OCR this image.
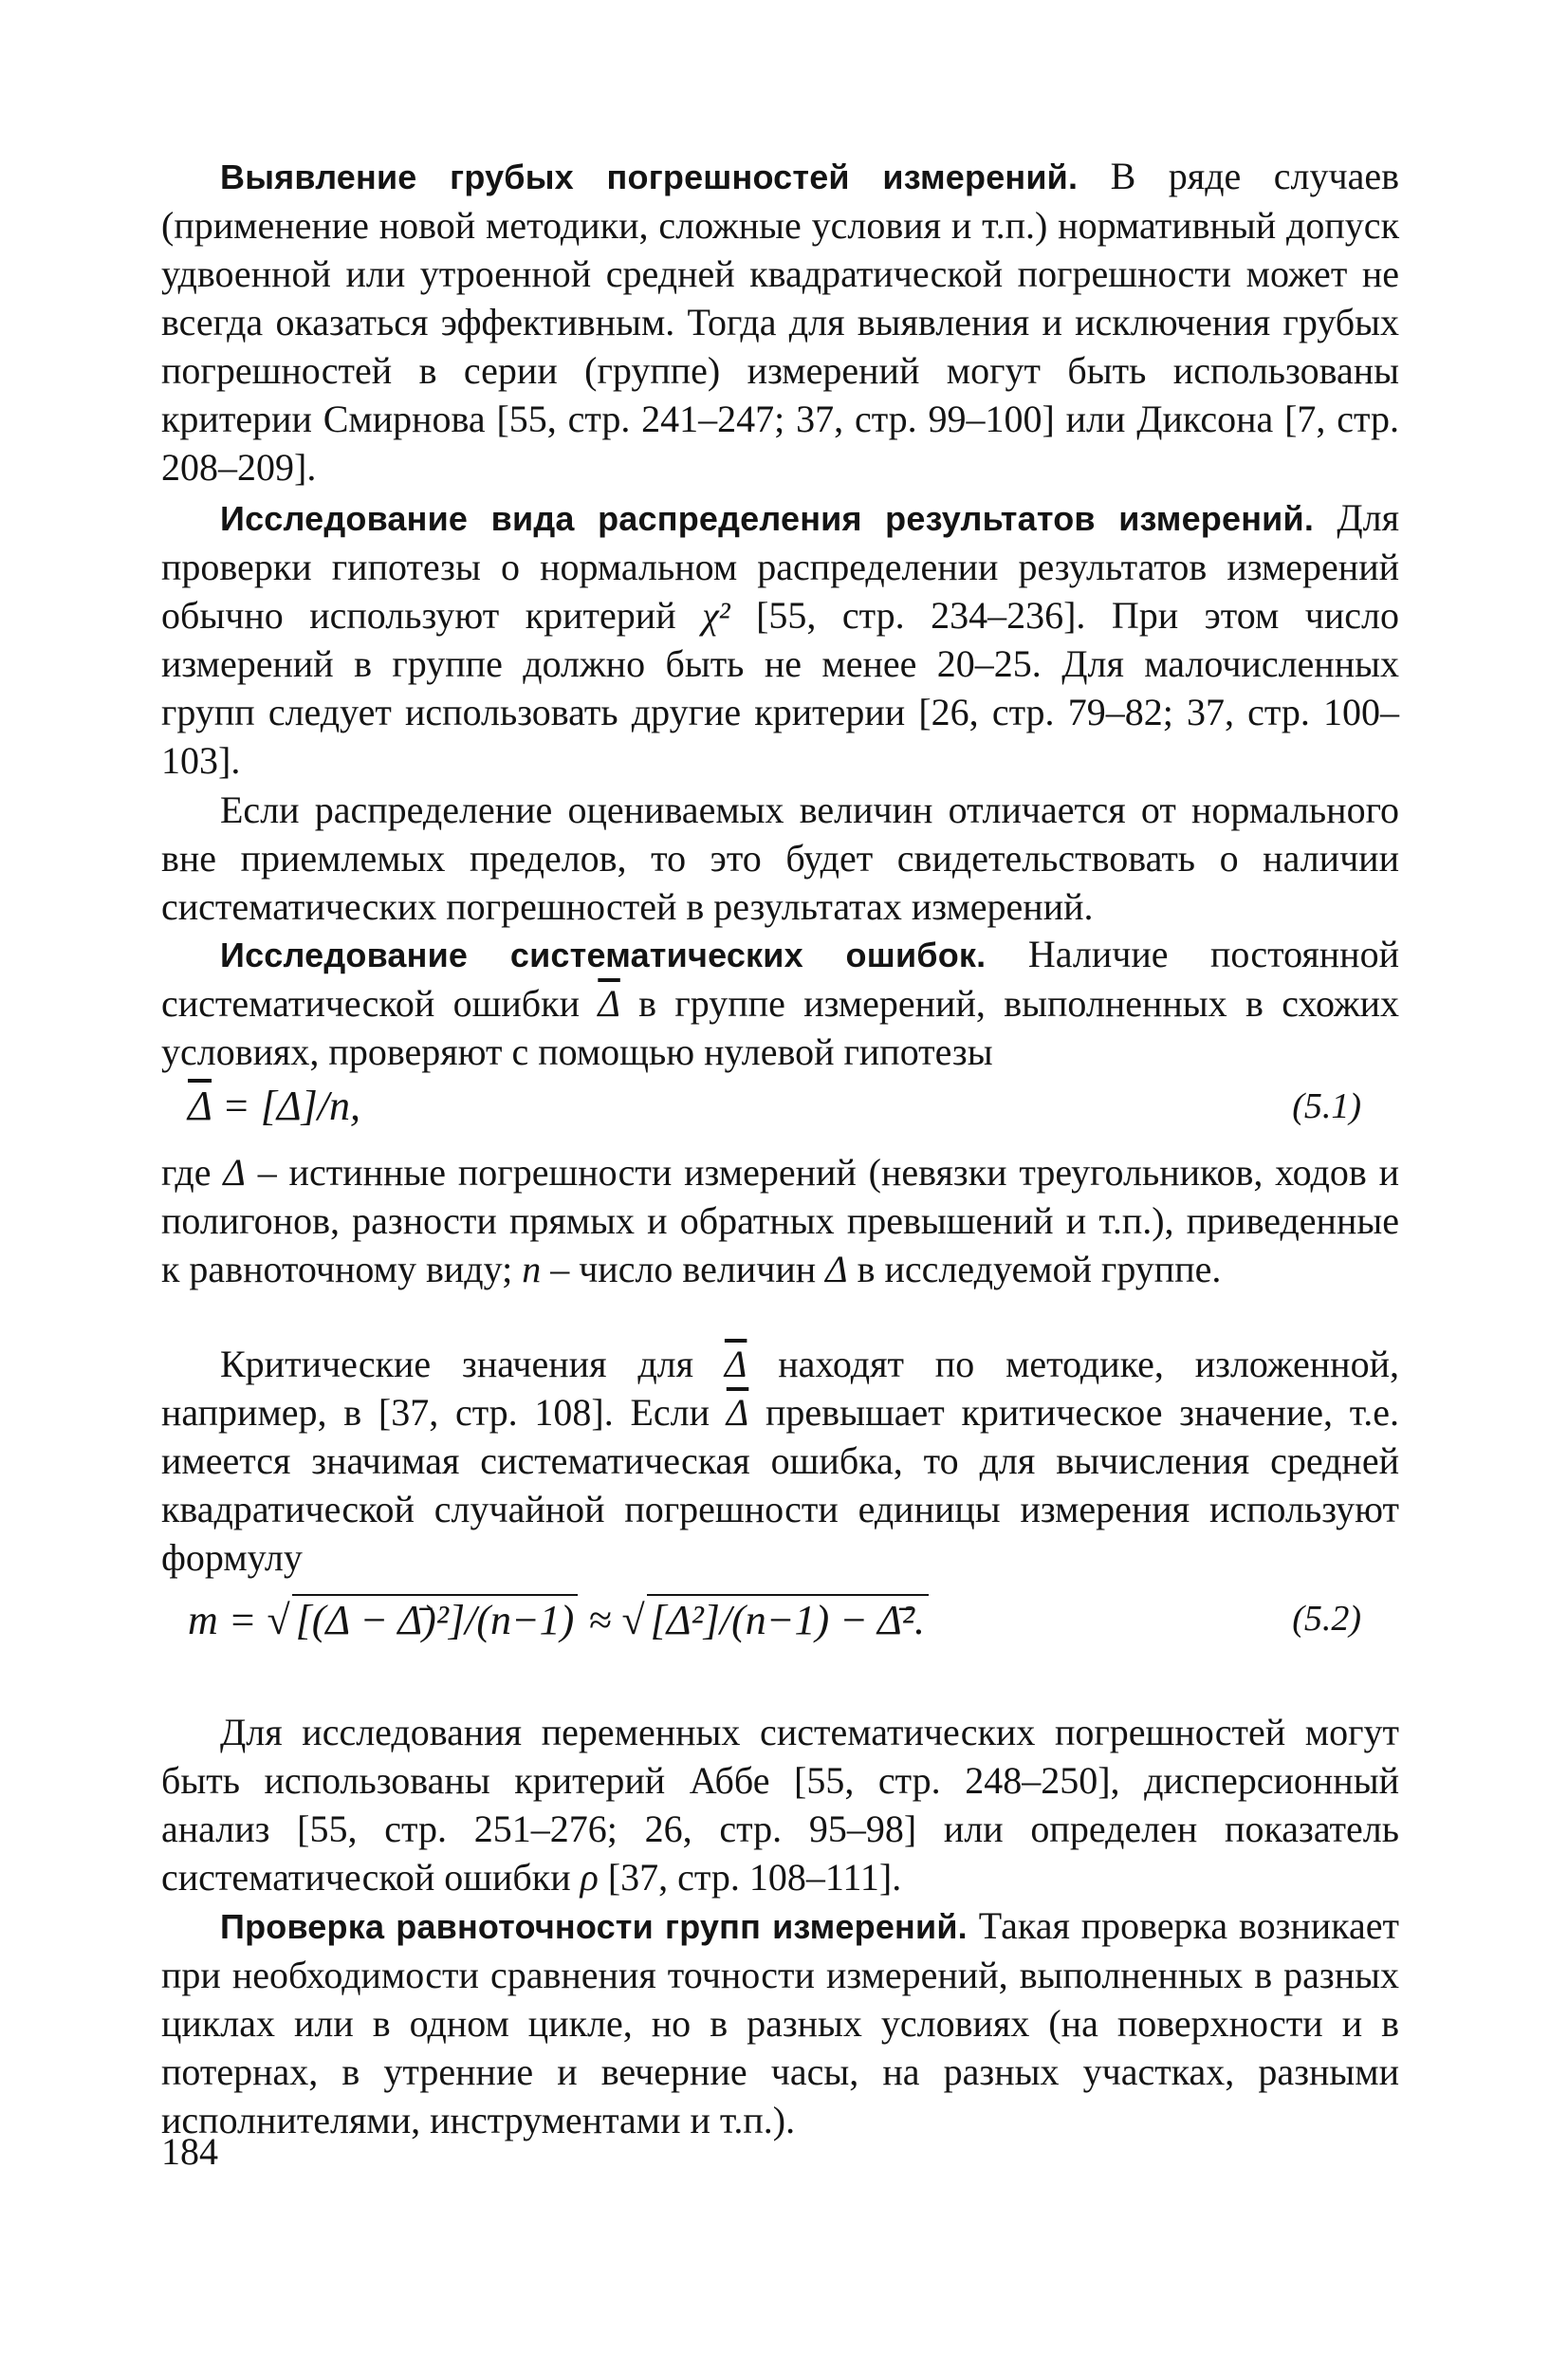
Выявление грубых погрешностей измерений. В ряде случаев (применение новой методики, сложные условия и т.п.) нормативный допуск удвоенной или утроенной средней квадратической погрешности может не всегда оказаться эффективным. Тогда для выявления и исключения грубых погрешностей в серии (группе) измерений могут быть использованы критерии Смирнова [55, стр. 241–247; 37, стр. 99–100] или Диксона [7, стр. 208–209].

Исследование вида распределения результатов измерений. Для проверки гипотезы о нормальном распределении результатов измерений обычно используют критерий χ² [55, стр. 234–236]. При этом число измерений в группе должно быть не менее 20–25. Для малочисленных групп следует использовать другие критерии [26, стр. 79–82; 37, стр. 100–103].

Если распределение оцениваемых величин отличается от нормального вне приемлемых пределов, то это будет свидетельствовать о наличии систематических погрешностей в результатах измерений.

Исследование систематических ошибок. Наличие постоянной систематической ошибки $\overline{\Delta}$ в группе измерений, выполненных в схожих условиях, проверяют с помощью нулевой гипотезы

$\overline{\Delta} = [\Delta]/n$,	(5.1)

где Δ – истинные погрешности измерений (невязки треугольников, ходов и полигонов, разности прямых и обратных превышений и т.п.), приведенные к равноточному виду; n – число величин Δ в исследуемой группе.

Критические значения для $\overline{\Delta}$ находят по методике, изложенной, например, в [37, стр. 108]. Если $\overline{\Delta}$ превышает критическое значение, т.е. имеется значимая систематическая ошибка, то для вычисления средней квадратической случайной погрешности единицы измерения используют формулу

m = √ [(Δ − Δ̄)²]/(n−1) ≈ √ [Δ²]/(n−1) − Δ̄².	(5.2)

Для исследования переменных систематических погрешностей могут быть использованы критерий Аббе [55, стр. 248–250], дисперсионный анализ [55, стр. 251–276; 26, стр. 95–98] или определен показатель систематической ошибки ρ [37, стр. 108–111].

Проверка равноточности групп измерений. Такая проверка возникает при необходимости сравнения точности измерений, выполненных в разных циклах или в одном цикле, но в разных условиях (на поверхности и в потернах, в утренние и вечерние часы, на разных участках, разными исполнителями, инструментами и т.п.).

184
